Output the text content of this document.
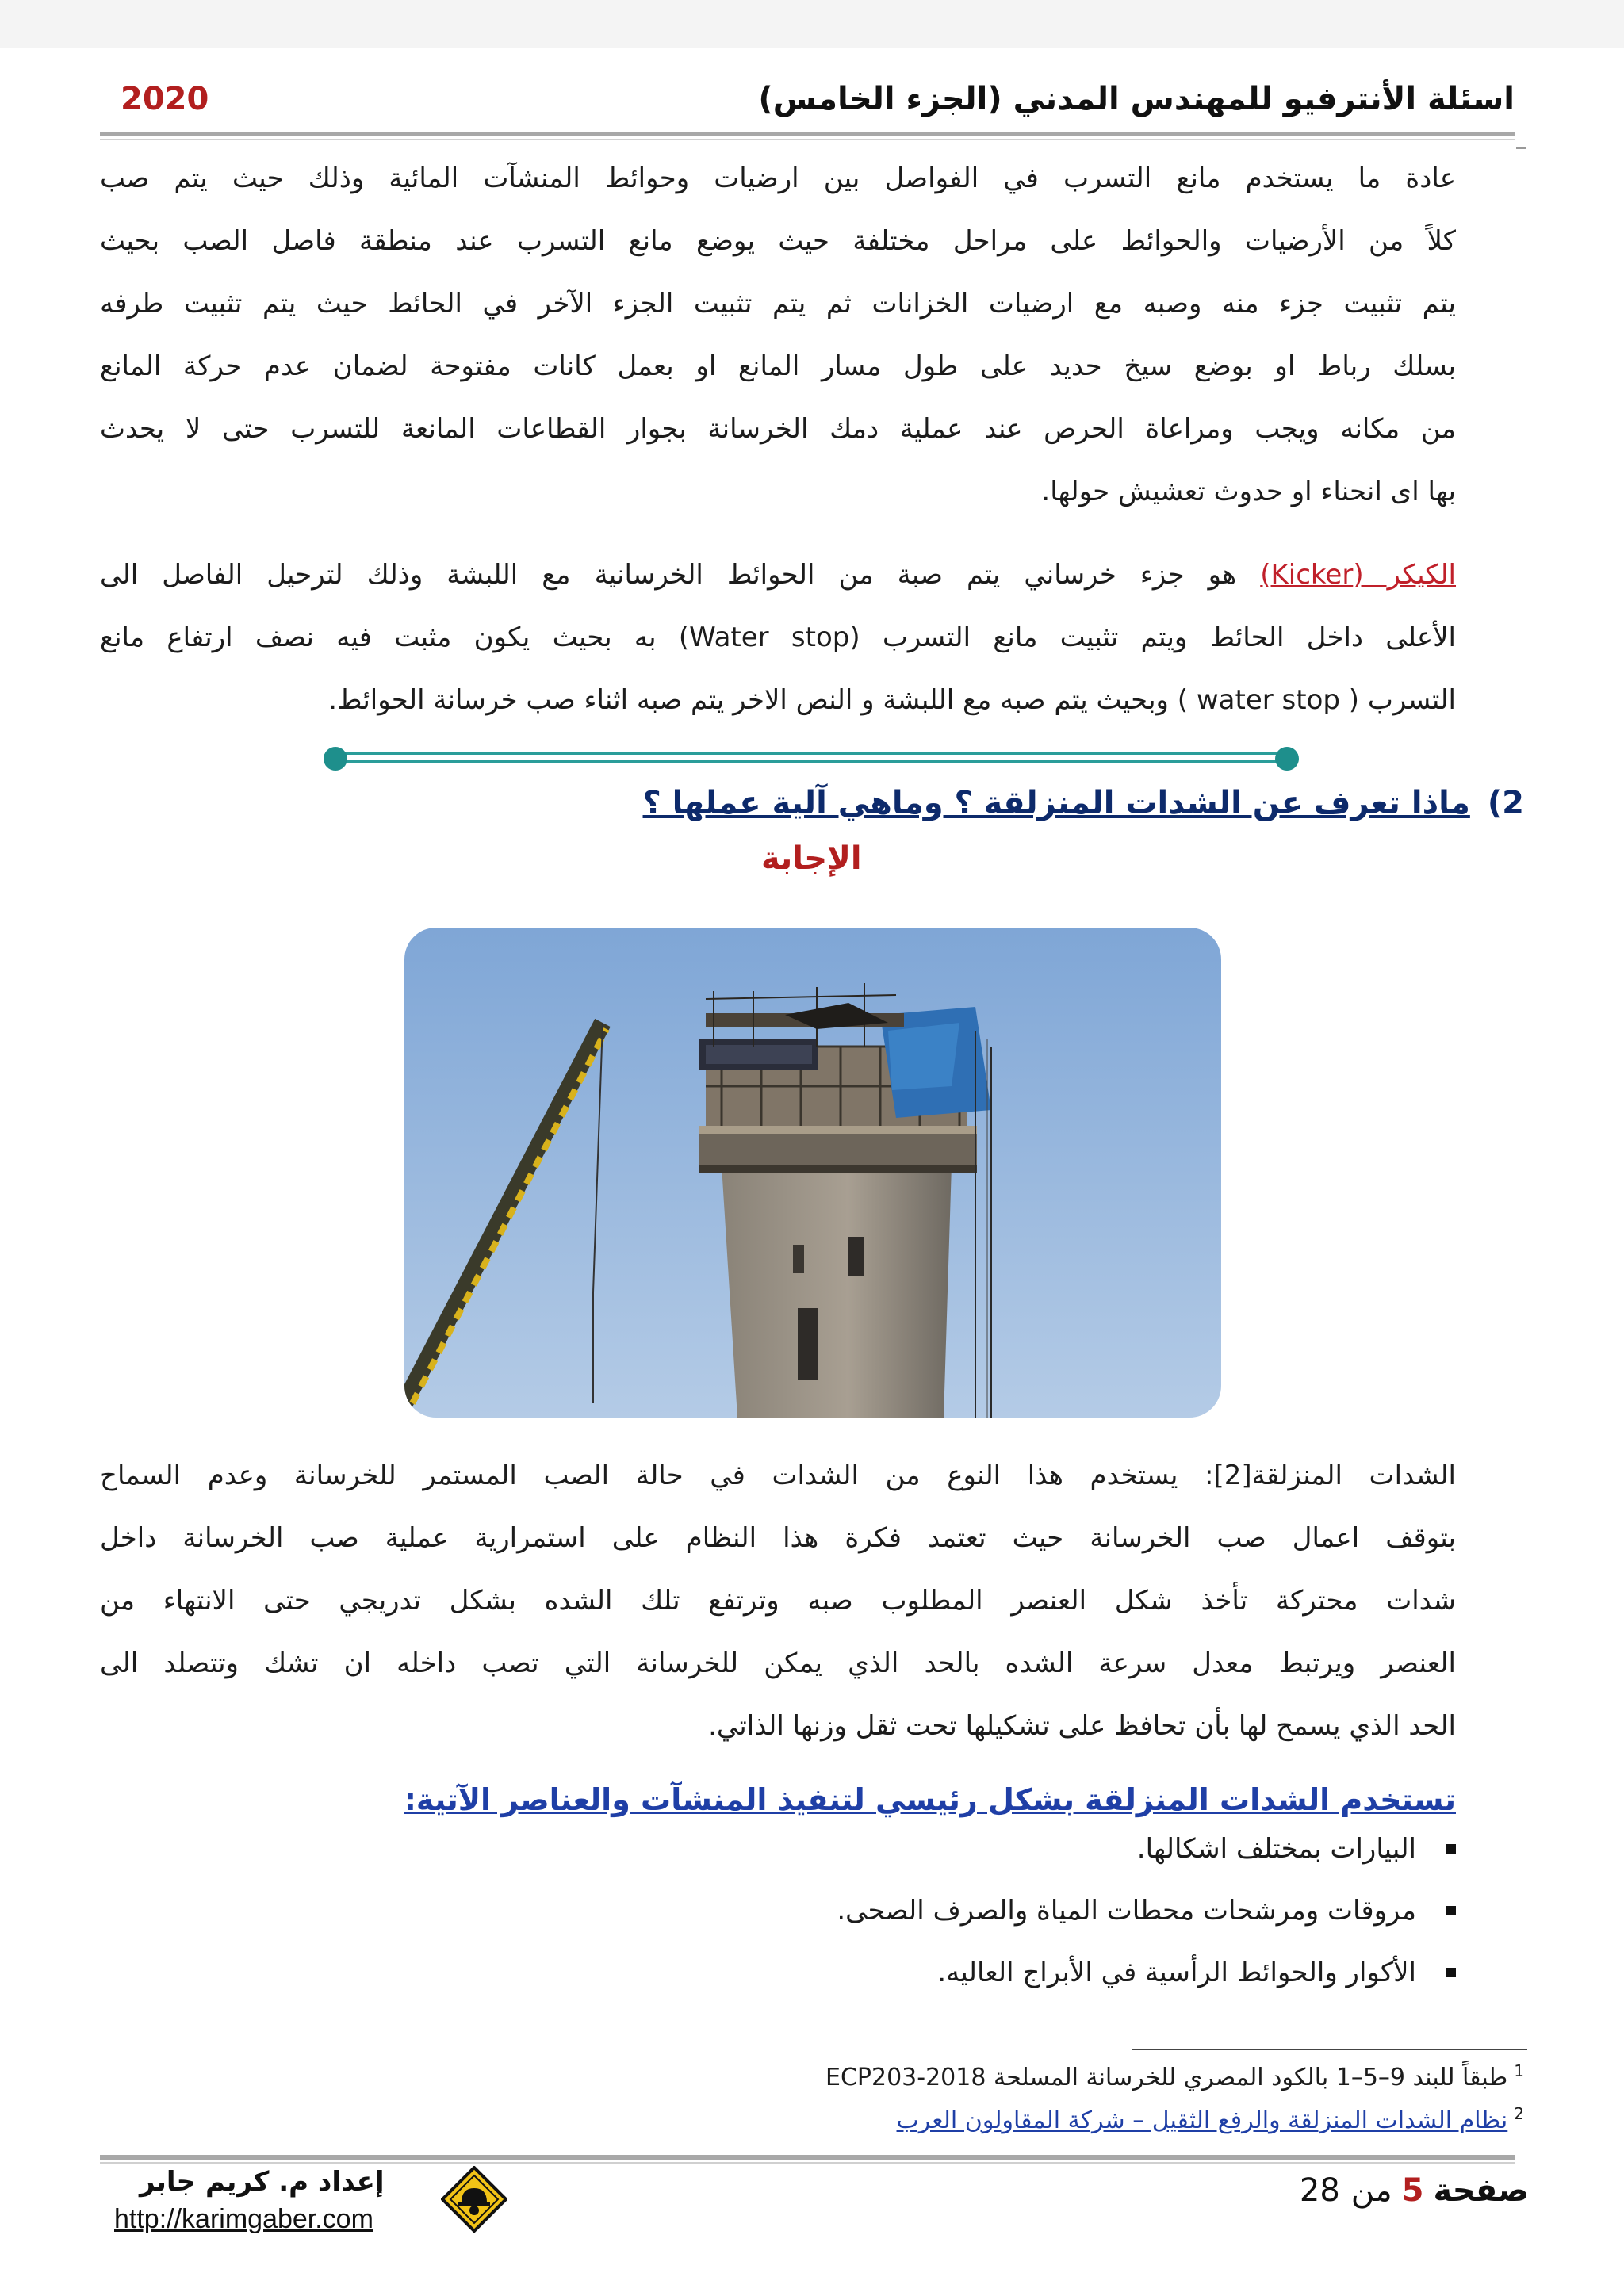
اسئلة الأنترفيو للمهندس المدني (الجزء الخامس)
2020
عادة ما يستخدم مانع التسرب في الفواصل بين ارضيات وحوائط المنشآت المائية وذلك حيث يتم صب
كلاً من الأرضيات والحوائط على مراحل مختلفة حيث يوضع مانع التسرب عند منطقة فاصل الصب بحيث
يتم تثبيت جزء منه وصبه مع ارضيات الخزانات ثم يتم تثبيت الجزء الآخر في الحائط حيث يتم تثبيت طرفه
بسلك رباط او بوضع سيخ حديد على طول مسار المانع او بعمل كانات مفتوحة لضمان عدم حركة المانع
من مكانه ويجب ومراعاة الحرص عند عملية دمك الخرسانة بجوار القطاعات المانعة للتسرب حتى لا يحدث
بها اى انحناء او حدوث تعشيش حولها.
الكيكر (Kicker) هو جزء خرساني يتم صبة من الحوائط الخرسانية مع اللبشة وذلك لترحيل الفاصل الى
الأعلى داخل الحائط ويتم تثبيت مانع التسرب (Water stop) به بحيث يكون مثبت فيه نصف ارتفاع مانع
التسرب ( water stop ) وبحيث يتم صبه مع اللبشة و النص الاخر يتم صبه اثناء صب خرسانة الحوائط.
2)ماذا تعرف عن الشدات المنزلقة ؟ وماهي آلية عملها ؟
الإجابة
الشدات المنزلقة[2]: يستخدم هذا النوع من الشدات في حالة الصب المستمر للخرسانة وعدم السماح
بتوقف اعمال صب الخرسانة حيث تعتمد فكرة هذا النظام على استمرارية عملية صب الخرسانة داخل
شدات محتركة تأخذ شكل العنصر المطلوب صبه وترتفع تلك الشده بشكل تدريجي حتى الانتهاء من
العنصر ويرتبط معدل سرعة الشده بالحد الذي يمكن للخرسانة التي تصب داخله ان تشك وتتصلد الى
الحد الذي يسمح لها بأن تحافظ على تشكيلها تحت ثقل وزنها الذاتي.
تستخدم الشدات المنزلقة بشكل رئيسي لتنفيذ المنشآت والعناصر الآتية:
البيارات بمختلف اشكالها.
مروقات ومرشحات محطات المياة والصرف الصحى.
الأكوار والحوائط الرأسية في الأبراج العاليه.
$^1$طبقاً للبند 9–5–1 بالكود المصري للخرسانة المسلحة ECP203-2018
$^2$نظام الشدات المنزلقة والرفع الثقيل – شركة المقاولون العرب
إعداد م. كريم جابر
http://karimgaber.com
صفحة5من 28
